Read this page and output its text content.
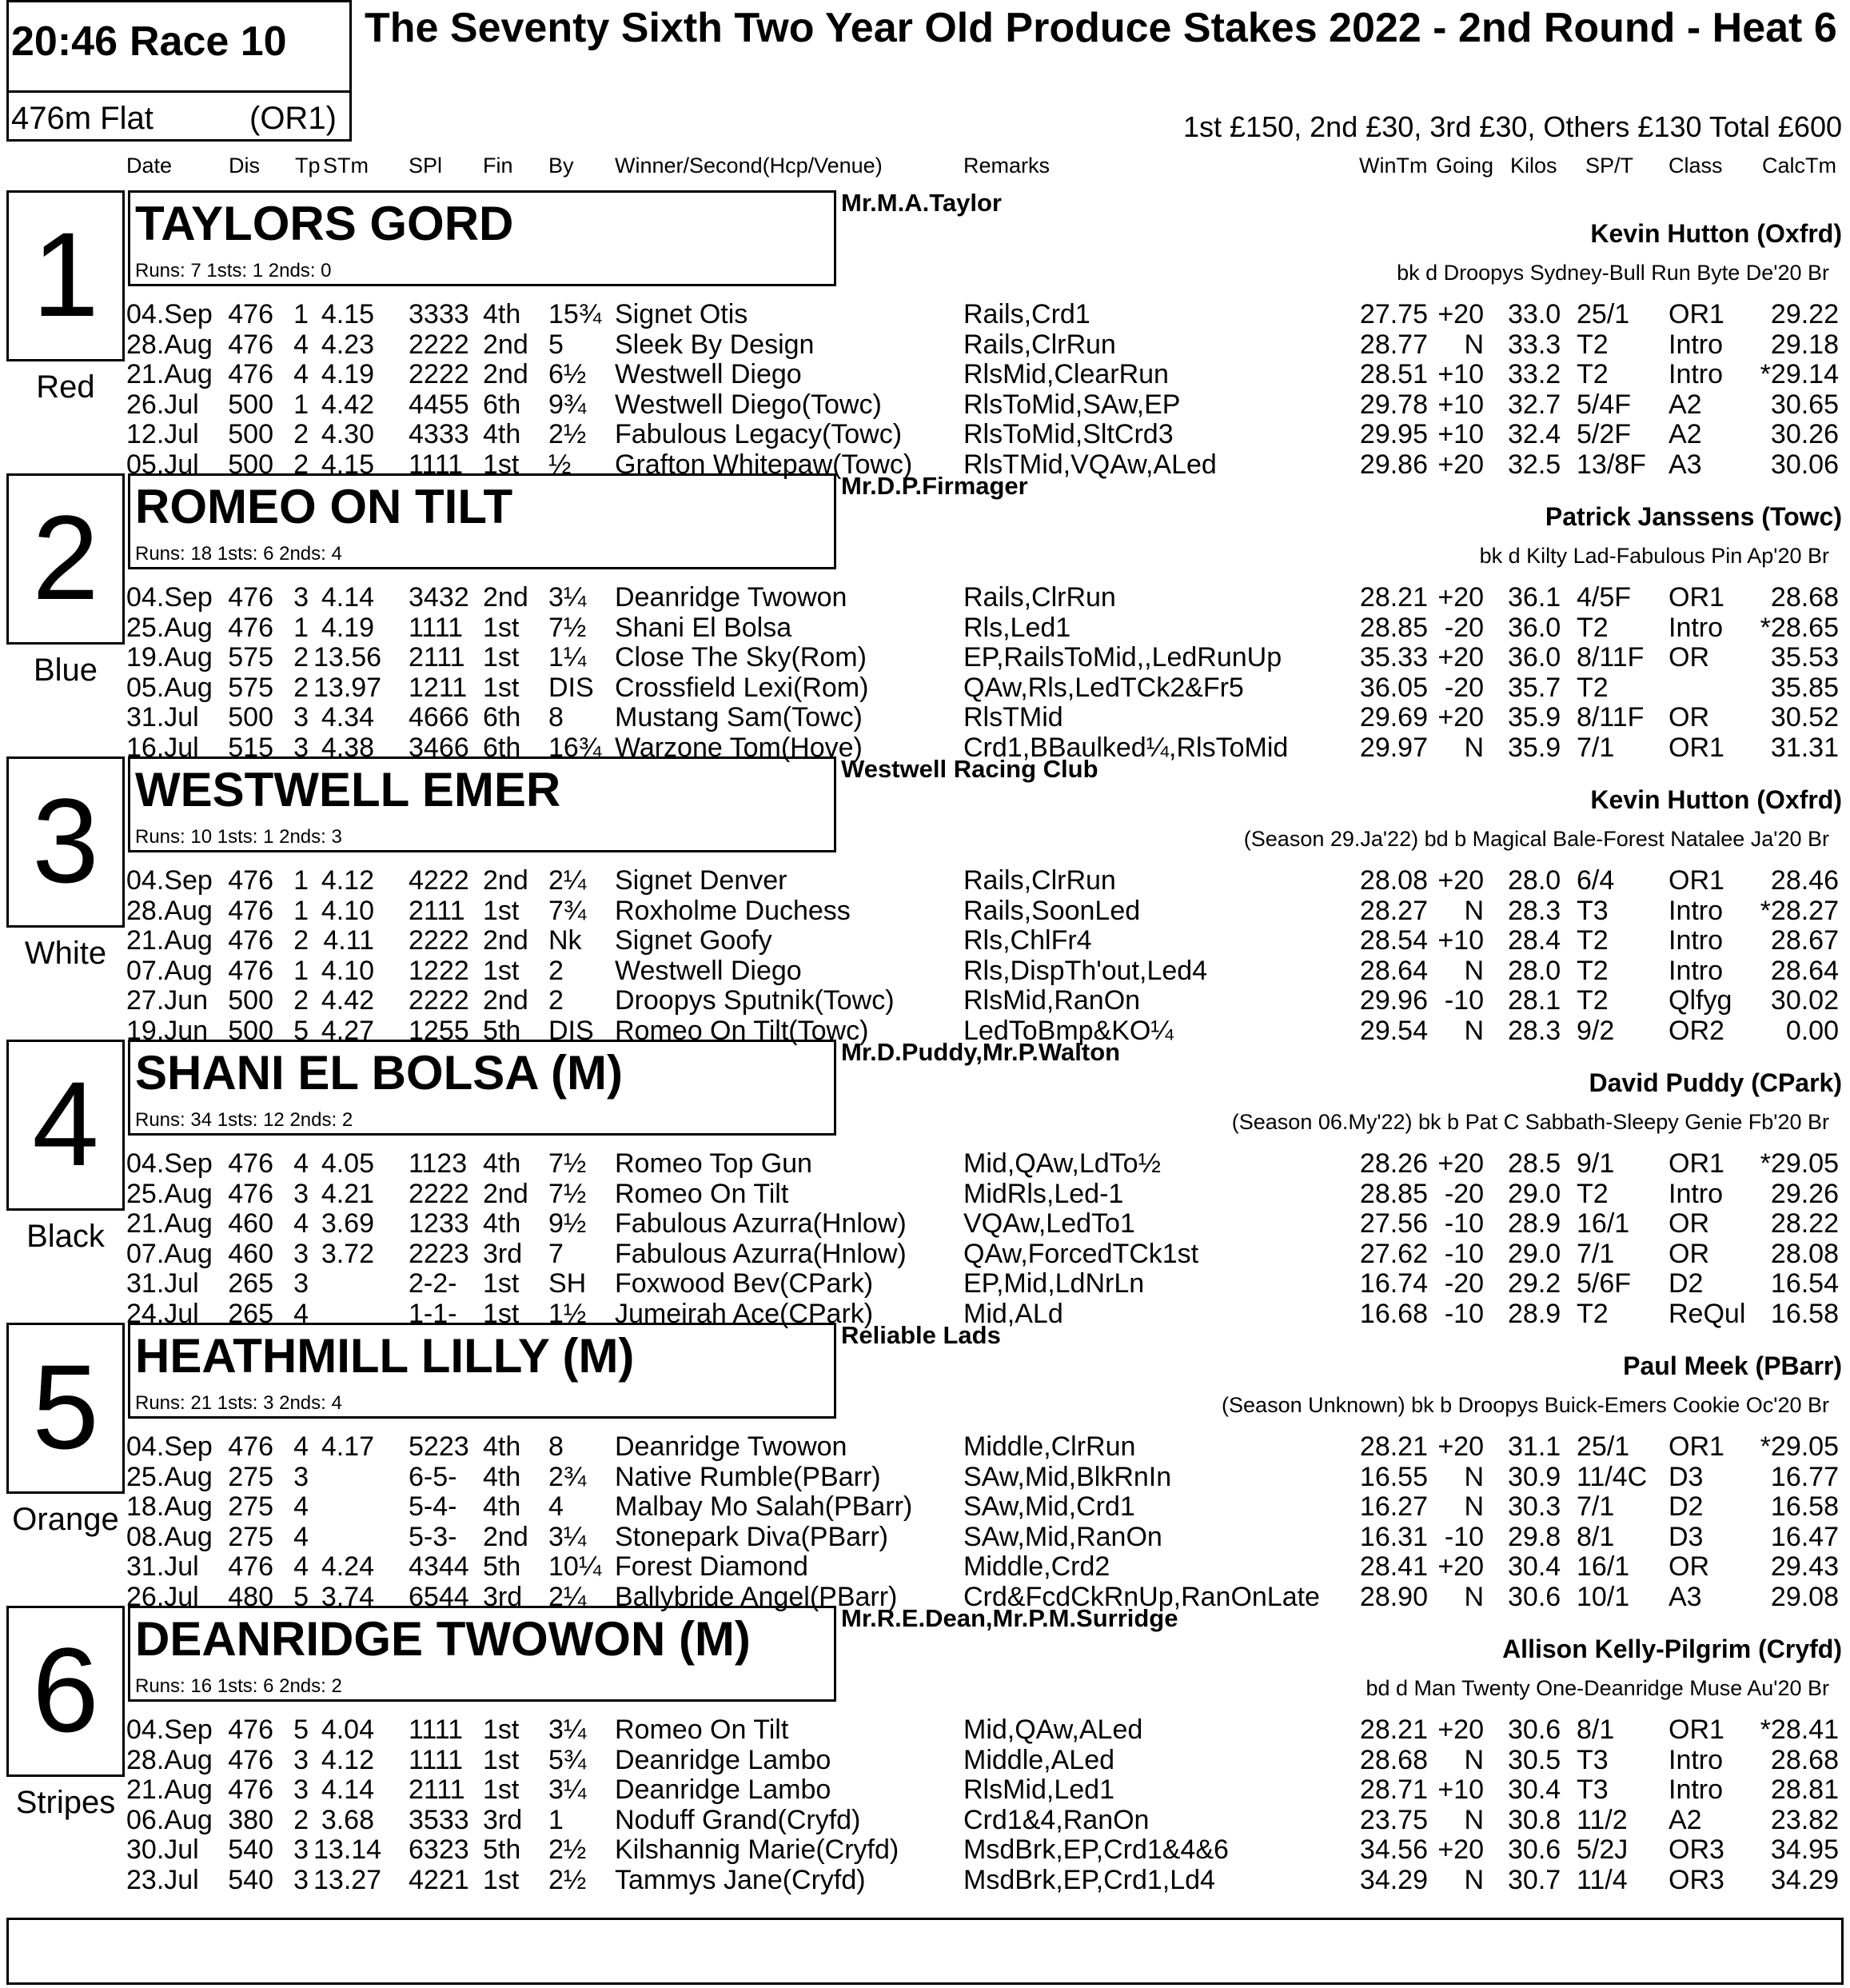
20:46 Race 10
476m Flat	(OR1)
The Seventy Sixth Two Year Old Produce Stakes 2022 - 2nd Round - Heat 6
1st £150, 2nd £30, 3rd £30, Others £130 Total £600
Date	Dis Tp STm SPl Fin By Winner/Second(Hcp/Venue)	Remarks	WinTm Going Kilos SP/T Class CalcTm
1
Red
TAYLORS GORD
Runs: 7 1sts: 1 2nds: 0
Mr.M.A.Taylor
Kevin Hutton (Oxfrd)
bk d Droopys Sydney-Bull Run Byte De'20 Br
04.Sep 476 1 4.15 3333 4th 15¾ Signet Otis	Rails,Crd1	27.75 +20 33.0 25/1 OR1	29.22
28.Aug 476 4 4.23 2222 2nd 5 Sleek By Design	Rails,ClrRun	28.77	N 33.3 T2 Intro	29.18
21.Aug 476 4 4.19 2222 2nd 6½ Westwell Diego	RlsMid,ClearRun	28.51 +10 33.2 T2 Intro	*29.14
26.Jul 500 1 4.42 4455 6th 9¾ Westwell Diego(Towc)	RlsToMid,SAw,EP	29.78 +10 32.7 5/4F A2	30.65
12.Jul 500 2 4.30 4333 4th 2½ Fabulous Legacy(Towc) RlsToMid,SltCrd3	29.95 +10 32.4 5/2F A2	30.26
05.Jul 500 2 4.15 1111 1st ½ Grafton Whitepaw(Towc) RlsTMid,VQAw,ALed	29.86 +20 32.5 13/8F A3	30.06
2
Blue
ROMEO ON TILT
Runs: 18 1sts: 6 2nds: 4
Mr.D.P.Firmager
Patrick Janssens (Towc)
bk d Kilty Lad-Fabulous Pin Ap'20 Br
04.Sep 476 3 4.14 3432 2nd 3¼ Deanridge Twowon	Rails,ClrRun	28.21 +20 36.1 4/5F OR1	28.68
25.Aug 476 1 4.19 1111 1st 7½ Shani El Bolsa	Rls,Led1	28.85 -20 36.0 T2 Intro	*28.65
19.Aug 575 2 13.56 2111 1st 1¼ Close The Sky(Rom)	EP,RailsToMid,,LedRunUp	35.33 +20 36.0 8/11F OR	35.53
05.Aug 575 2 13.97 1211 1st DIS Crossfield Lexi(Rom)	QAw,Rls,LedTCk2&Fr5	36.05 -20 35.7 T2	35.85
31.Jul 500 3 4.34 4666 6th 8 Mustang Sam(Towc)	RlsTMid	29.69 +20 35.9 8/11F OR	30.52
16.Jul 515 3 4.38 3466 6th 16¾ Warzone Tom(Hove)	Crd1,BBaulked¼,RlsToMid	29.97	N 35.9 7/1 OR1	31.31
3
White
WESTWELL EMER
Runs: 10 1sts: 1 2nds: 3
Westwell Racing Club
Kevin Hutton (Oxfrd)
(Season 29.Ja'22) bd b Magical Bale-Forest Natalee Ja'20 Br
04.Sep 476 1 4.12 4222 2nd 2¼ Signet Denver	Rails,ClrRun	28.08 +20 28.0 6/4 OR1	28.46
28.Aug 476 1 4.10 2111 1st 7¾ Roxholme Duchess	Rails,SoonLed	28.27	N 28.3 T3 Intro	*28.27
21.Aug 476 2 4.11 2222 2nd Nk Signet Goofy	Rls,ChlFr4	28.54 +10 28.4 T2 Intro	28.67
07.Aug 476 1 4.10 1222 1st 2 Westwell Diego	Rls,DispTh'out,Led4	28.64	N 28.0 T2 Intro	28.64
27.Jun 500 2 4.42 2222 2nd 2 Droopys Sputnik(Towc)	RlsMid,RanOn	29.96 -10 28.1 T2 Qlfyg	30.02
19.Jun 500 5 4.27 1255 5th DIS Romeo On Tilt(Towc)	LedToBmp&KO¼	29.54	N 28.3 9/2 OR2	0.00
4
Black
SHANI EL BOLSA (M)
Runs: 34 1sts: 12 2nds: 2
Mr.D.Puddy,Mr.P.Walton
David Puddy (CPark)
(Season 06.My'22) bk b Pat C Sabbath-Sleepy Genie Fb'20 Br
04.Sep 476 4 4.05 1123 4th 7½ Romeo Top Gun	Mid,QAw,LdTo½	28.26 +20 28.5 9/1 OR1	*29.05
25.Aug 476 3 4.21 2222 2nd 7½ Romeo On Tilt	MidRls,Led-1	28.85 -20 29.0 T2 Intro	29.26
21.Aug 460 4 3.69 1233 4th 9½ Fabulous Azurra(Hnlow) VQAw,LedTo1	27.56 -10 28.9 16/1 OR	28.22
07.Aug 460 3 3.72 2223 3rd 7 Fabulous Azurra(Hnlow) QAw,ForcedTCk1st	27.62 -10 29.0 7/1 OR	28.08
31.Jul 265 3	2-2- 1st SH Foxwood Bev(CPark)	EP,Mid,LdNrLn	16.74 -20 29.2 5/6F D2	16.54
24.Jul 265 4	1-1- 1st 1½ Jumeirah Ace(CPark)	Mid,ALd	16.68 -10 28.9 T2 ReQul 16.58
5
Orange
HEATHMILL LILLY (M)
Runs: 21 1sts: 3 2nds: 4
Reliable Lads
Paul Meek (PBarr)
(Season Unknown) bk b Droopys Buick-Emers Cookie Oc'20 Br
04.Sep 476 4 4.17 5223 4th 8 Deanridge Twowon	Middle,ClrRun	28.21 +20 31.1 25/1 OR1	*29.05
25.Aug 275 3	6-5- 4th 2¾ Native Rumble(PBarr)	SAw,Mid,BlkRnIn	16.55	N 30.9 11/4C D3	16.77
18.Aug 275 4	5-4- 4th 4 Malbay Mo Salah(PBarr) SAw,Mid,Crd1	16.27	N 30.3 7/1 D2	16.58
08.Aug 275 4	5-3- 2nd 3¼ Stonepark Diva(PBarr)	SAw,Mid,RanOn	16.31 -10 29.8 8/1 D3	16.47
31.Jul 476 4 4.24 4344 5th 10¼ Forest Diamond	Middle,Crd2	28.41 +20 30.4 16/1 OR	29.43
26.Jul 480 5 3.74 6544 3rd 2¼ Ballybride Angel(PBarr) Crd&FcdCkRnUp,RanOnLate	28.90	N 30.6 10/1 A3	29.08
6
Stripes
DEANRIDGE TWOWON (M)
Runs: 16 1sts: 6 2nds: 2
Mr.R.E.Dean,Mr.P.M.Surridge
Allison Kelly-Pilgrim (Cryfd)
bd d Man Twenty One-Deanridge Muse Au'20 Br
04.Sep 476 5 4.04 1111 1st 3¼ Romeo On Tilt	Mid,QAw,ALed	28.21 +20 30.6 8/1 OR1	*28.41
28.Aug 476 3 4.12 1111 1st 5¾ Deanridge Lambo	Middle,ALed	28.68	N 30.5 T3 Intro	28.68
21.Aug 476 3 4.14 2111 1st 3¼ Deanridge Lambo	RlsMid,Led1	28.71 +10 30.4 T3 Intro	28.81
06.Aug 380 2 3.68 3533 3rd 1 Noduff Grand(Cryfd)	Crd1&4,RanOn	23.75	N 30.8 11/2 A2	23.82
30.Jul 540 3 13.14 6323 5th 2½ Kilshannig Marie(Cryfd) MsdBrk,EP,Crd1&4&6	34.56 +20 30.6 5/2J OR3	34.95
23.Jul 540 3 13.27 4221 1st 2½ Tammys Jane(Cryfd)	MsdBrk,EP,Crd1,Ld4	34.29	N 30.7 11/4 OR3	34.29
